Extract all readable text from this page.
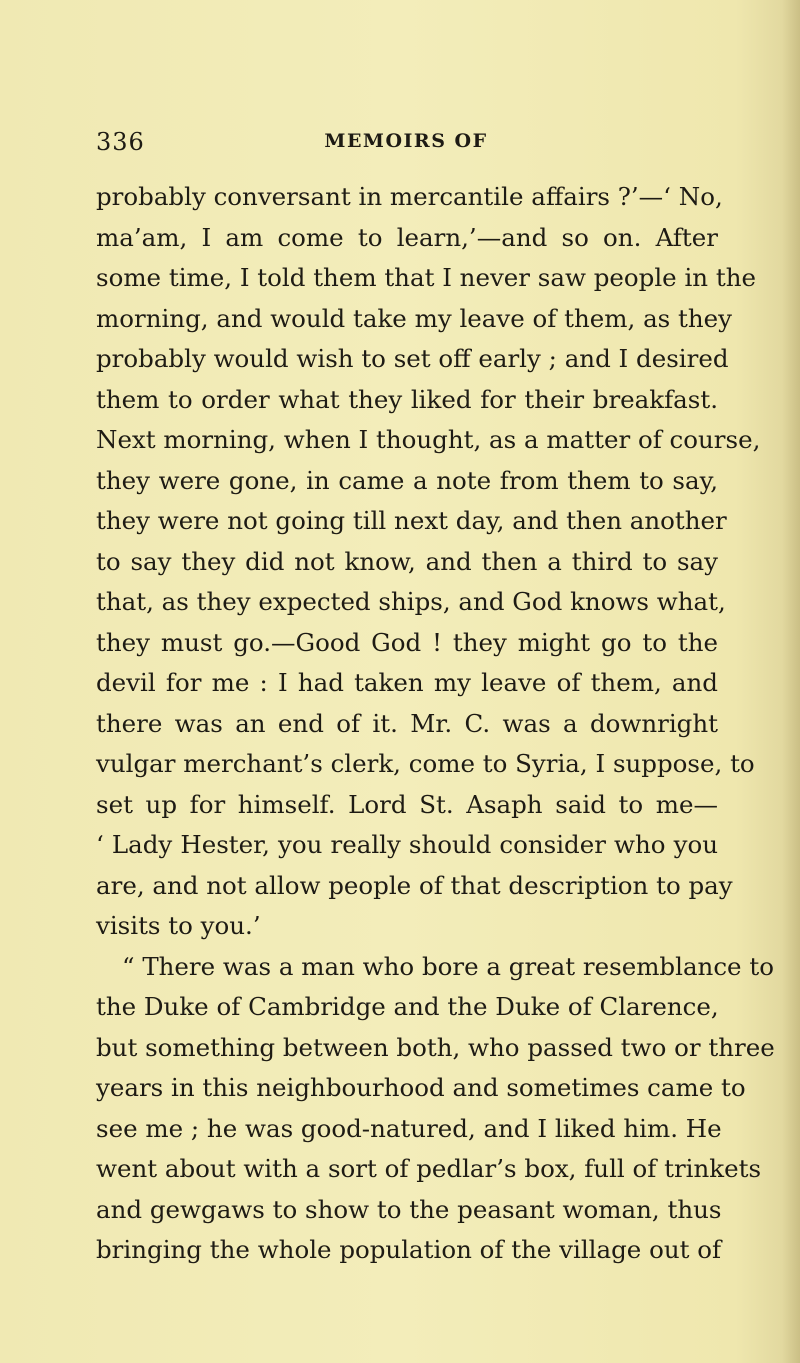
336	MEMOIRS OF
probably conversant in mercantile affairs ?’—‘ No,
ma’am, I am come to learn,’—and so on. After
some time, I told them that I never saw people in the
morning, and would take my leave of them, as they
probably would wish to set off early ; and I desired
them to order what they liked for their breakfast.
Next morning, when I thought, as a matter of course,
they were gone, in came a note from them to say,
they were not going till next day, and then another
to say they did not know, and then a third to say
that, as they expected ships, and God knows what,
they must go.—Good God ! they might go to the
devil for me : I had taken my leave of them, and
there was an end of it. Mr. C. was a downright
vulgar merchant’s clerk, come to Syria, I suppose, to
set up for himself. Lord St. Asaph said to me—
‘ Lady Hester, you really should consider who you
are, and not allow people of that description to pay
visits to you.’
“ There was a man who bore a great resemblance to
the Duke of Cambridge and the Duke of Clarence,
but something between both, who passed two or three
years in this neighbourhood and sometimes came to
see me ; he was good-natured, and I liked him. He
went about with a sort of pedlar’s box, full of trinkets
and gewgaws to show to the peasant woman, thus
bringing the whole population of the village out of
